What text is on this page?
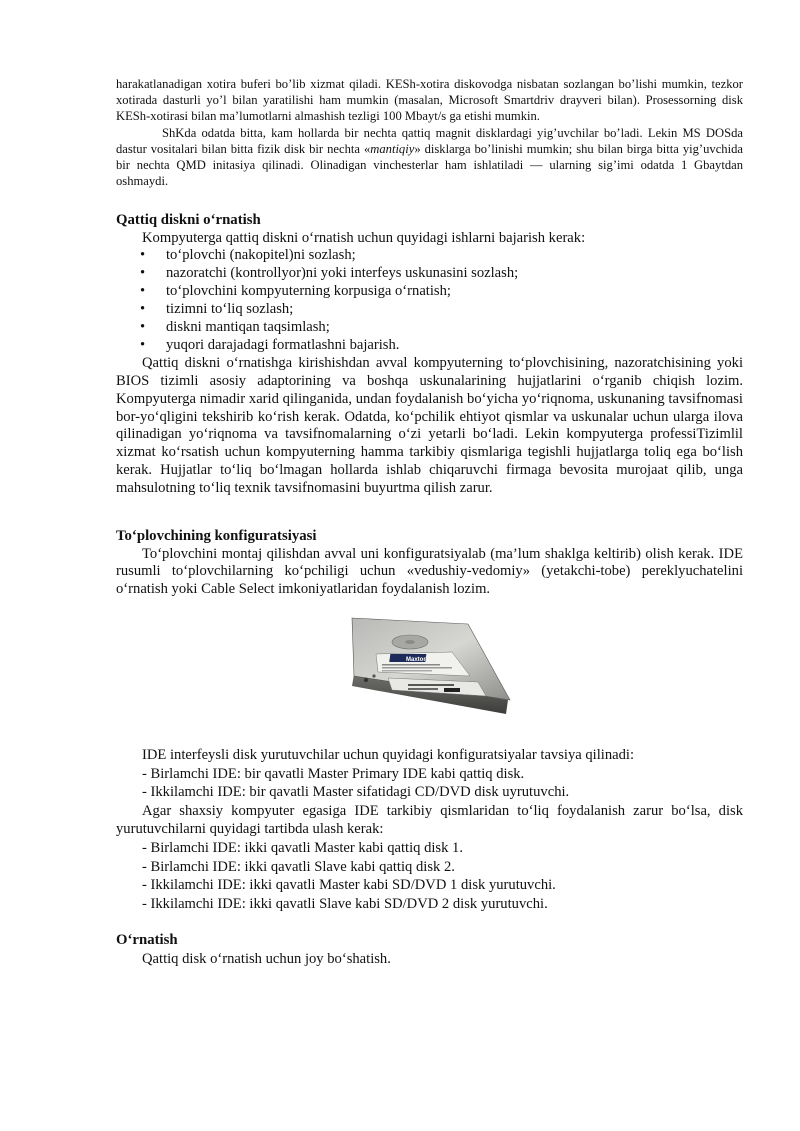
harakatlanadigan xotira buferi bo’lib xizmat qiladi. KESh-xotira diskovodga nisbatan sozlangan bo’lishi mumkin, tezkor xotirada dasturli yo’l bilan yaratilishi ham mumkin (masalan, Microsoft Smartdriv drayveri bilan). Prosessorning disk KESh-xotirasi bilan ma’lumotlarni almashish tezligi 100 Mbayt/s ga etishi mumkin.

ShKda odatda bitta, kam hollarda bir nechta qattiq magnit disklardagi yig’uvchilar bo’ladi. Lekin MS DOSda dastur vositalari bilan bitta fizik disk bir nechta «mantiqiy» disklarga bo’linishi mumkin; shu bilan birga bitta yig’uvchida bir nechta QMD initasiya qilinadi. Olinadigan vinchesterlar ham ishlatiladi — ularning sig’imi odatda 1 Gbaytdan oshmaydi.

Qattiq diskni o‘rnatish

Kompyuterga qattiq diskni o‘rnatish uchun quyidagi ishlarni bajarish kerak:

• to‘plovchi (nakopitel)ni sozlash;
• nazoratchi (kontrollyor)ni yoki interfeys uskunasini sozlash;
• to‘plovchini kompyuterning korpusiga o‘rnatish;
• tizimni to‘liq sozlash;
• diskni mantiqan taqsimlash;
• yuqori darajadagi formatlashni bajarish.

Qattiq diskni o‘rnatishga kirishishdan avval kompyuterning to‘plovchisining, nazoratchisining yoki BIOS tizimli asosiy adaptorining va boshqa uskunalarining hujjatlarini o‘rganib chiqish lozim. Kompyuterga nimadir xarid qilinganida, undan foydalanish bo‘yicha yo‘riqnoma, uskunaning tavsifnomasi bor-yo‘qligini tekshirib ko‘rish kerak. Odatda, ko‘pchilik ehtiyot qismlar va uskunalar uchun ularga ilova qilinadigan yo‘riqnoma va tavsifnomalarning o‘zi yetarli bo‘ladi. Lekin kompyuterga professiTizimlil xizmat ko‘rsatish uchun kompyuterning hamma tarkibiy qismlariga tegishli hujjatlarga toliq ega bo‘lish kerak. Hujjatlar to‘liq bo‘lmagan hollarda ishlab chiqaruvchi firmaga bevosita murojaat qilib, unga mahsulotning to‘liq texnik tavsifnomasini buyurtma qilish zarur.

To‘plovchining konfiguratsiyasi

To‘plovchini montaj qilishdan avval uni konfiguratsiyalab (ma’lum shaklga keltirib) olish kerak. IDE rusumli to‘plovchilarning ko‘pchiligi uchun «vedushiy-vedomiy» (yetakchi-tobe) pereklyuchatelini o‘rnatish yoki Cable Select imkoniyatlaridan foydalanish lozim.

Maxtor

IDE interfeysli disk yurutuvchilar uchun quyidagi konfiguratsiyalar tavsiya qilinadi:

- Birlamchi IDE: bir qavatli Master Primary IDE kabi qattiq disk.

- Ikkilamchi IDE: bir qavatli Master sifatidagi CD/DVD disk uyrutuvchi.

Agar shaxsiy kompyuter egasiga IDE tarkibiy qismlaridan to‘liq foydalanish zarur bo‘lsa, disk yurutuvchilarni quyidagi tartibda ulash kerak:

- Birlamchi IDE: ikki qavatli Master kabi qattiq disk 1.

- Birlamchi IDE: ikki qavatli Slave kabi qattiq disk 2.

- Ikkilamchi IDE: ikki qavatli Master kabi SD/DVD 1 disk yurutuvchi.

- Ikkilamchi IDE: ikki qavatli Slave kabi SD/DVD 2 disk yurutuvchi.

O‘rnatish

Qattiq disk o‘rnatish uchun joy bo‘shatish.
